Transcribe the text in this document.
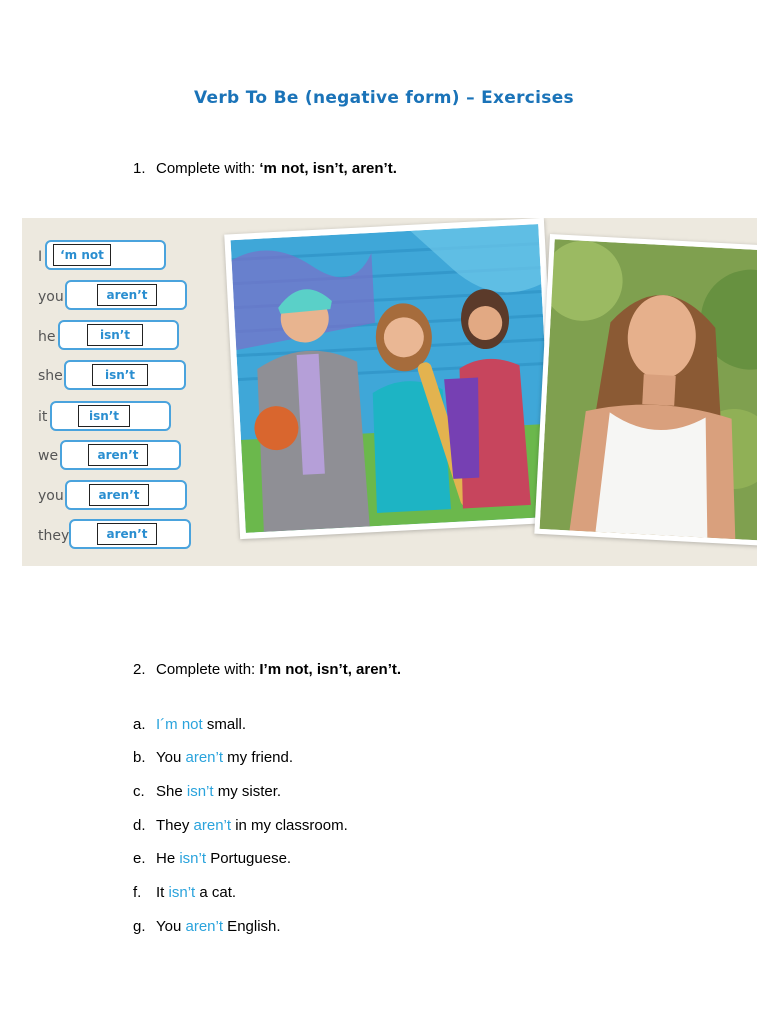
Verb To Be (negative form) – Exercises
1. Complete with: ‘m not, isn’t, aren’t.
I	‘m not
you	aren’t
he	isn’t
she	isn’t
it	isn’t
we	aren’t
you	aren’t
they	aren’t
2. Complete with: I’m not, isn’t, aren’t.
a. I´m not small.
b. You aren’t my friend.
c. She isn’t my sister.
d. They aren’t in my classroom.
e. He isn’t Portuguese.
f. It isn’t a cat.
g. You aren’t English.
